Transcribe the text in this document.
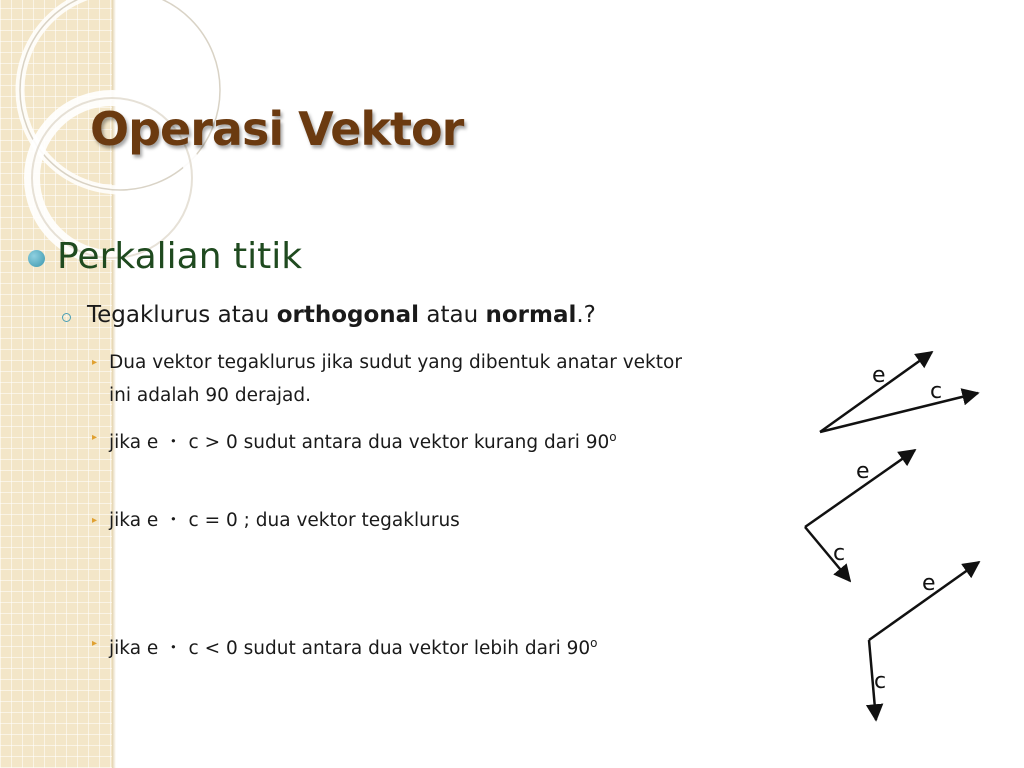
Operasi Vektor
Perkalian titik
Tegaklurus atau orthogonal atau normal.?
▸ Dua vektor tegaklurus jika sudut yang dibentuk anatar vektor
ini adalah 90 derajad.
▸ jika e ・ c > 0 sudut antara dua vektor kurang dari 90$^o$
▸ jika e ・ c = 0 ; dua vektor tegaklurus
▸ jika e ・ c < 0 sudut antara dua vektor lebih dari 90$^o$
e
c
e
c
e
c
